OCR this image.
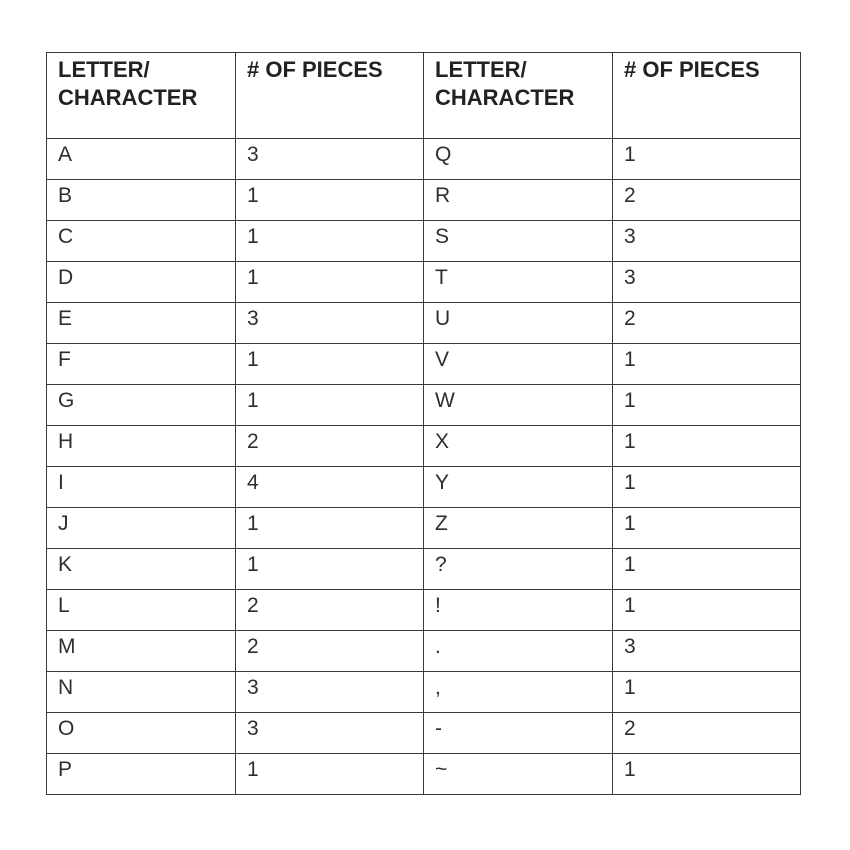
LETTER/ CHARACTER	# OF PIECES	LETTER/ CHARACTER	# OF PIECES
A	3	Q	1
B	1	R	2
C	1	S	3
D	1	T	3
E	3	U	2
F	1	V	1
G	1	W	1
H	2	X	1
I	4	Y	1
J	1	Z	1
K	1	?	1
L	2	!	1
M	2	.	3
N	3	,	1
O	3	-	2
P	1	~	1
